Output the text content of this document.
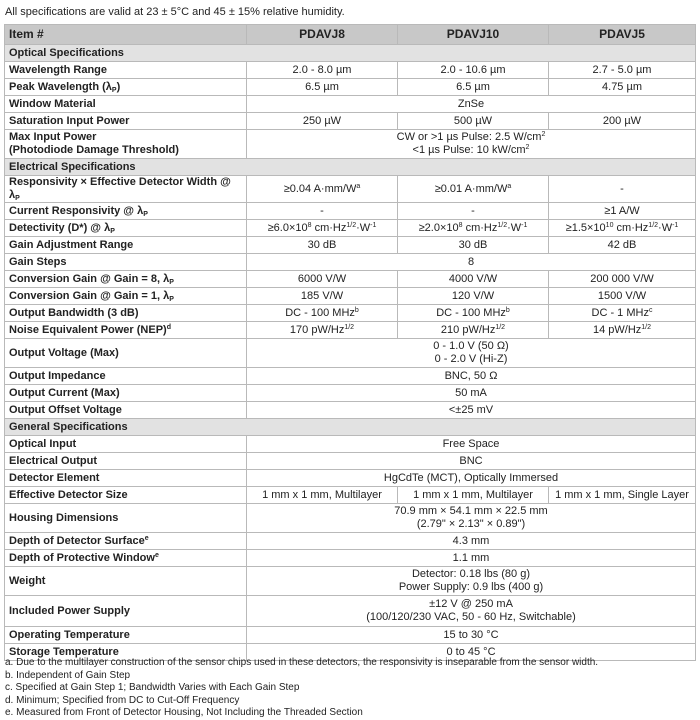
All specifications are valid at 23 ± 5°C and 45 ± 15% relative humidity.
Item #	PDAVJ8	PDAVJ10	PDAVJ5
Optical Specifications			
Wavelength Range	2.0 - 8.0 µm	2.0 - 10.6 µm	2.7 - 5.0 µm
Peak Wavelength $(\lambda_P)$	6.5 µm	6.5 µm	4.75 µm
Window Material	ZnSe		
Saturation Input Power	250 µW	500 µW	200 µW
Max Input Power
(Photodiode Damage Threshold)	CW or >1 µs Pulse: 2.5 $W/cm^2$
<1 µs Pulse: 10 $kW/cm^2$
Electrical Specifications			
Responsivity × Effective Detector Width @ $\lambda_P$	≥0.04 $A\cdot mm/W^a$	≥0.01 $A\cdot mm/W^a$	-
Current Responsivity @ $\lambda_P$	-	-	≥1 A/W
Detectivity (D*) @ $\lambda_P$	$\ge 6.0\times 10^8$ $cm\cdot Hz^{1/2}\cdot W^{-1}$	$\ge 2.0\times 10^8$ $cm\cdot Hz^{1/2}\cdot W^{-1}$	$\ge 1.5\times 10^{10}$ $cm\cdot Hz^{1/2}\cdot W^{-1}$
Gain Adjustment Range	30 dB	30 dB	42 dB
Gain Steps	8		
Conversion Gain @ Gain = 8, $\lambda_P$	6000 V/W	4000 V/W	200 000 V/W
Conversion Gain @ Gain = 1, $\lambda_P$	185 V/W	120 V/W	1500 V/W
Output Bandwidth (3 dB)	DC - 100 MHz$^b$	DC - 100 MHz$^b$	DC - 1 MHz$^c$
Noise Equivalent Power (NEP)$^d$	170 $pW/Hz^{1/2}$	210 $pW/Hz^{1/2}$	14 $pW/Hz^{1/2}$
Output Voltage (Max)	0 - 1.0 V (50 Ω)
0 - 2.0 V (Hi-Z)		
Output Impedance	BNC, 50 Ω		
Output Current (Max)	50 mA		
Output Offset Voltage	<±25 mV		
General Specifications			
Optical Input	Free Space		
Electrical Output	BNC		
Detector Element	HgCdTe (MCT), Optically Immersed		
Effective Detector Size	1 mm x 1 mm, Multilayer	1 mm x 1 mm, Multilayer	1 mm x 1 mm, Single Layer
Housing Dimensions	70.9 mm × 54.1 mm × 22.5 mm
(2.79" × 2.13" × 0.89")		
Depth of Detector Surface$^e$	4.3 mm		
Depth of Protective Window$^e$	1.1 mm		
Weight	Detector: 0.18 lbs (80 g)
Power Supply: 0.9 lbs (400 g)		
Included Power Supply	±12 V @ 250 mA
(100/120/230 VAC, 50 - 60 Hz, Switchable)		
Operating Temperature	15 to 30 °C		
Storage Temperature	0 to 45 °C		
a. Due to the multilayer construction of the sensor chips used in these detectors, the responsivity is inseparable from the sensor width.
b. Independent of Gain Step
c. Specified at Gain Step 1; Bandwidth Varies with Each Gain Step
d. Minimum; Specified from DC to Cut-Off Frequency
e. Measured from Front of Detector Housing, Not Including the Threaded Section
